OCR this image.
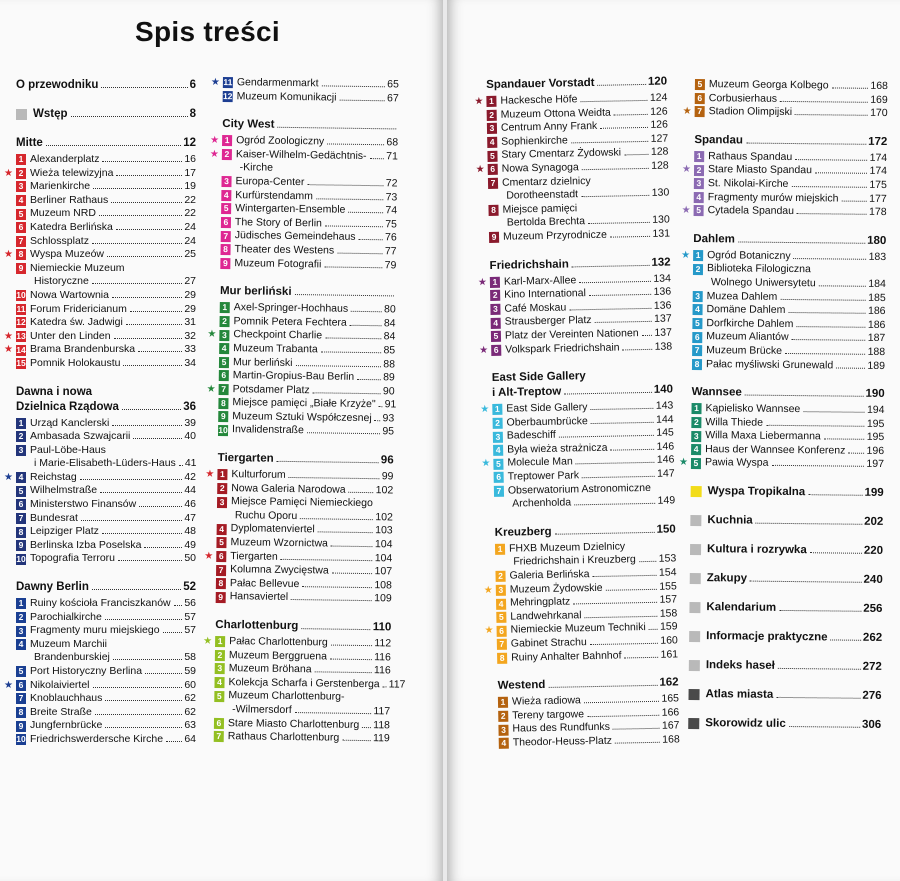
Spis treści
O przewodniku	6
Wstęp	8
Mitte	12
1 Alexanderplatz	16
★ 2 Wieża telewizyjna	17
3 Marienkirche	19
4 Berliner Rathaus	22
5 Muzeum NRD	22
6 Katedra Berlińska	24
7 Schlossplatz	24
★ 8 Wyspa Muzeów	25
9 Niemieckie Muzeum
Historyczne	27
10 Nowa Wartownia	29
11 Forum Fridericianum	29
12 Katedra św. Jadwigi	31
★ 13 Unter den Linden	32
★ 14 Brama Brandenburska	33
15 Pomnik Holokaustu	34
Dawna i nowa
Dzielnica Rządowa	36
1 Urząd Kanclerski	39
2 Ambasada Szwajcarii	40
3 Paul-Löbe-Haus
i Marie-Elisabeth-Lüders-Haus 41
★ 4 Reichstag	42
5 Wilhelmstraße	44
6 Ministerstwo Finansów	46
7 Bundesrat	47
8 Leipziger Platz	48
9 Berlinska Izba Poselska	49
10 Topografia Terroru	50
Dawny Berlin	52
1 Ruiny kościoła Franciszkanów 56
2 Parochialkirche	57
3 Fragmenty muru miejskiego 57
4 Muzeum Marchii
Brandenburskiej	58
5 Port Historyczny Berlina	59
★ 6 Nikolaiviertel	60
7 Knoblauchhaus	62
8 Breite Straße	62
9 Jungfernbrücke	63
10 Friedrichswerdersche Kirche 64
★ 11 Gendarmenmarkt	65
12 Muzeum Komunikacji	67
City West
★ 1 Ogród Zoologiczny	68
★ 2 Kaiser-Wilhelm-Gedächtnis- 71
-Kirche
3 Europa-Center	72
4 Kurfürstendamm	73
5 Wintergarten-Ensemble	74
6 The Story of Berlin	75
7 Jüdisches Gemeindehaus	76
8 Theater des Westens	77
9 Muzeum Fotografii	79
Mur berliński
1 Axel-Springer-Hochhaus	80
2 Pomnik Petera Fechtera	84
★ 3 Checkpoint Charlie	84
4 Muzeum Trabanta	85
5 Mur berliński	88
6 Martin-Gropius-Bau Berlin	89
★ 7 Potsdamer Platz	90
8 Miejsce pamięci „Białe Krzyże" 91
9 Muzeum Sztuki Współczesnej 93
10 Invalidenstraße	95
Tiergarten	96
★ 1 Kulturforum	99
2 Nowa Galeria Narodowa	102
3 Miejsce Pamięci Niemieckiego
Ruchu Oporu	102
4 Dyplomatenviertel	103
5 Muzeum Wzornictwa	104
★ 6 Tiergarten	104
7 Kolumna Zwycięstwa	107
8 Pałac Bellevue	108
9 Hansaviertel	109
Charlottenburg	110
★ 1 Pałac Charlottenburg	112
2 Muzeum Berggruena	116
3 Muzeum Bröhana	116
4 Kolekcja Scharfa i Gerstenberga 117
5 Muzeum Charlottenburg-
-Wilmersdorf	117
6 Stare Miasto Charlottenburg 118
7 Rathaus Charlottenburg	119
Spandauer Vorstadt	120
★ 1 Hackesche Höfe	124
2 Muzeum Ottona Weidta	126
3 Centrum Anny Frank	126
4 Sophienkirche	127
5 Stary Cmentarz Żydowski	128
★ 6 Nowa Synagoga	128
7 Cmentarz dzielnicy
Dorotheenstadt	130
8 Miejsce pamięci
Bertolda Brechta	130
9 Muzeum Przyrodnicze	131
Friedrichshain	132
★ 1 Karl-Marx-Allee	134
2 Kino International	136
3 Café Moskau	136
4 Strausberger Platz	137
5 Platz der Vereinten Nationen 137
★ 6 Volkspark Friedrichshain	138
East Side Gallery
i Alt-Treptow	140
★ 1 East Side Gallery	143
2 Oberbaumbrücke	144
3 Badeschiff	145
4 Była wieża strażnicza	146
★ 5 Molecule Man	146
6 Treptower Park	147
7 Obserwatorium Astronomiczne
Archenholda	149
Kreuzberg	150
1 FHXB Muzeum Dzielnicy
Friedrichshain i Kreuzberg 153
2 Galeria Berlińska	154
★ 3 Muzeum Żydowskie	155
4 Mehringplatz	157
5 Landwehrkanal	158
★ 6 Niemieckie Muzeum Techniki 159
7 Gabinet Strachu	160
8 Ruiny Anhalter Bahnhof	161
Westend	162
1 Wieża radiowa	165
2 Tereny targowe	166
3 Haus des Rundfunks	167
4 Theodor-Heuss-Platz	168
5 Muzeum Georga Kolbego	168
6 Corbusierhaus	169
★ 7 Stadion Olimpijski	170
Spandau	172
1 Rathaus Spandau	174
★ 2 Stare Miasto Spandau	174
3 St. Nikolai-Kirche	175
4 Fragmenty murów miejskich	177
★ 5 Cytadela Spandau	178
Dahlem	180
★ 1 Ogród Botaniczny	183
2 Biblioteka Filologiczna
Wolnego Uniwersytetu	184
3 Muzea Dahlem	185
4 Domäne Dahlem	186
5 Dorfkirche Dahlem	186
6 Muzeum Aliantów	187
7 Muzeum Brücke	188
8 Pałac myśliwski Grunewald	189
Wannsee	190
1 Kąpielisko Wannsee	194
2 Willa Thiede	195
3 Willa Maxa Liebermanna	195
4 Haus der Wannsee Konferenz 196
★ 5 Pawia Wyspa	197
Wyspa Tropikalna	199
Kuchnia	202
Kultura i rozrywka	220
Zakupy	240
Kalendarium	256
Informacje praktyczne	262
Indeks haseł	272
Atlas miasta	276
Skorowidz ulic	306
